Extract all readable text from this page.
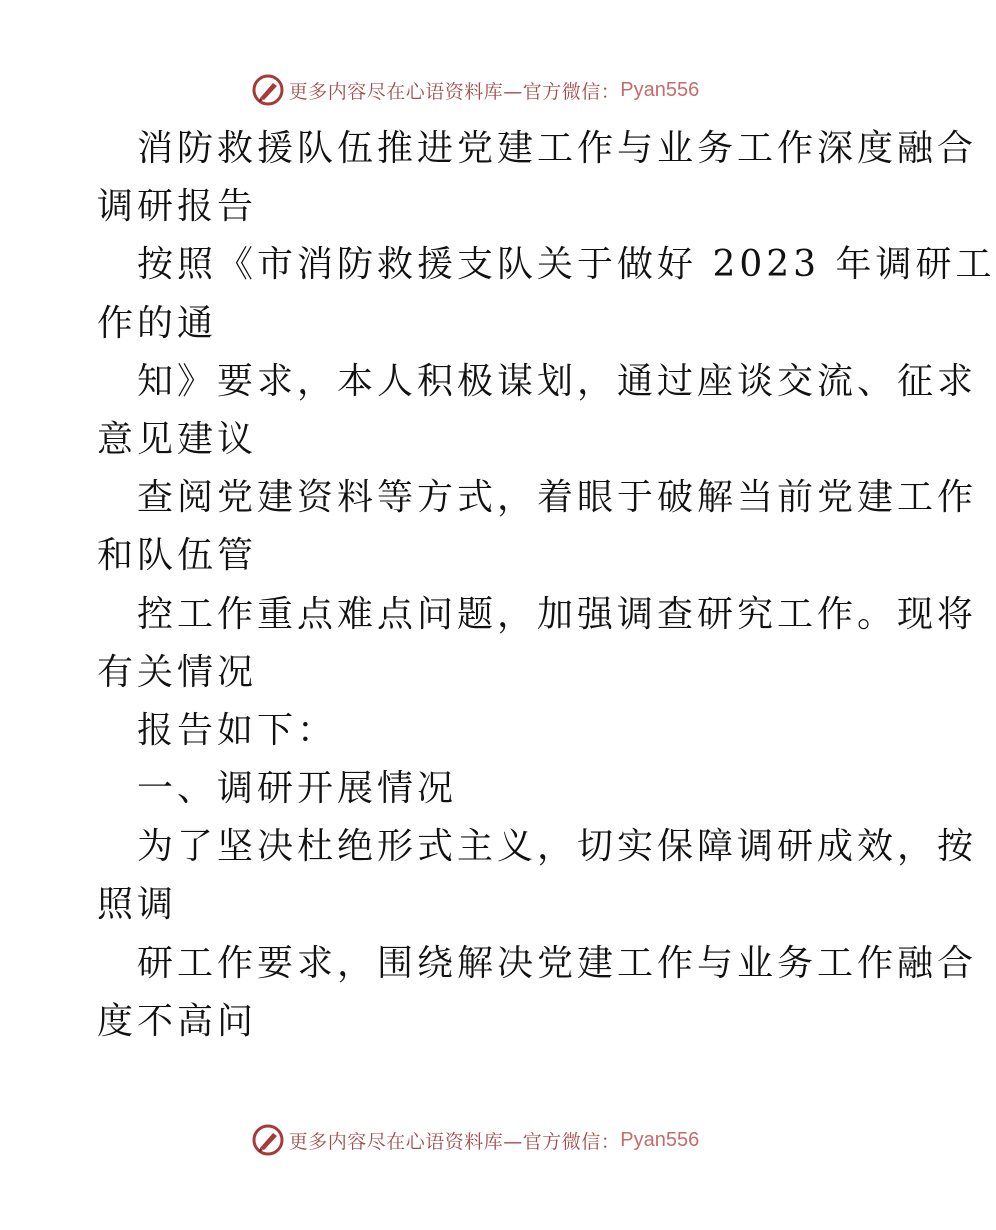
更多内容尽在心语资料库—官方微信： Pyan556
消防救援队伍推进党建工作与业务工作深度融合
调研报告
按照《市消防救援支队关于做好 2023 年调研工
作的通
知》要求，本人积极谋划，通过座谈交流、征求
意见建议
查阅党建资料等方式，着眼于破解当前党建工作
和队伍管
控工作重点难点问题，加强调查研究工作。现将
有关情况
报告如下：
一、调研开展情况
为了坚决杜绝形式主义，切实保障调研成效，按
照调
研工作要求，围绕解决党建工作与业务工作融合
度不高问
更多内容尽在心语资料库—官方微信： Pyan556
